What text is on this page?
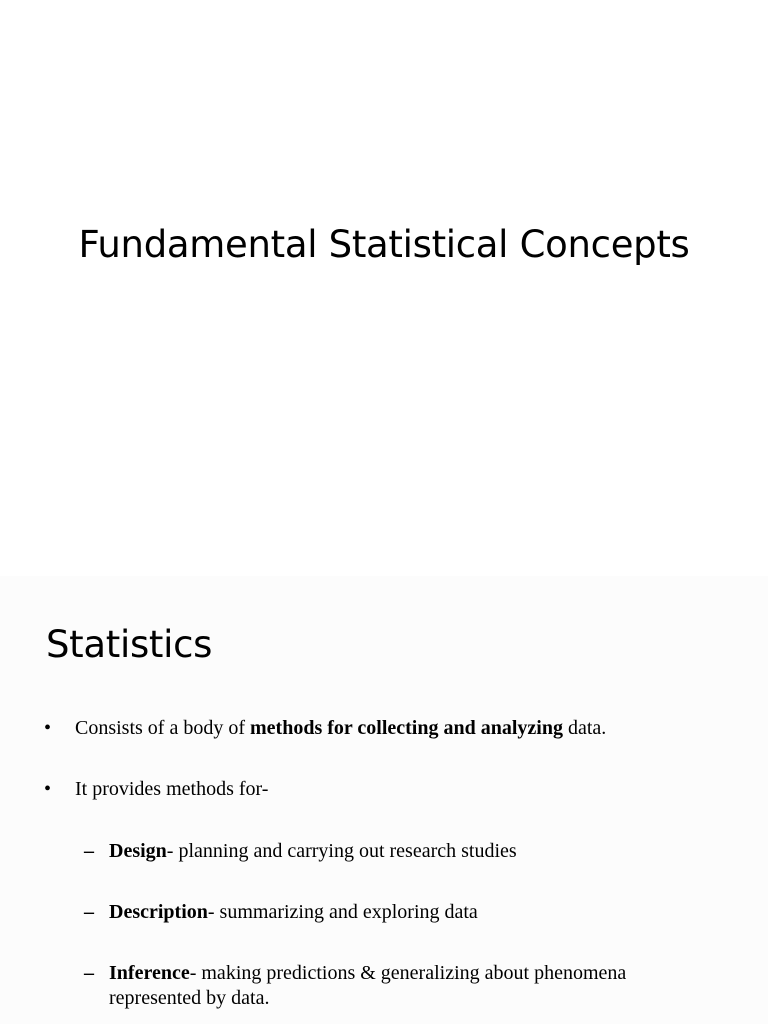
Fundamental Statistical Concepts
Statistics
• Consists of a body of methods for collecting and analyzing data.
• It provides methods for-
– Design- planning and carrying out research studies
– Description- summarizing and exploring data
– Inference- making predictions & generalizing about phenomena represented by data.
